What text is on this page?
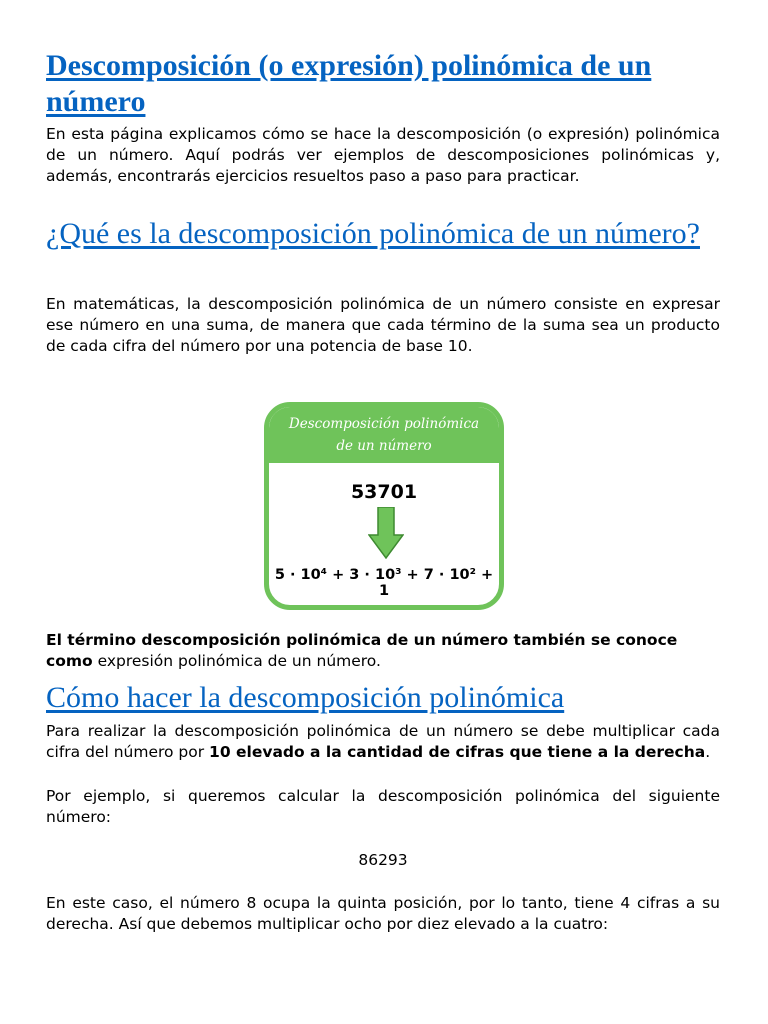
Descomposición (o expresión) polinómica de un número

En esta página explicamos cómo se hace la descomposición (o expresión) polinómica de un número. Aquí podrás ver ejemplos de descomposiciones polinómicas y, además, encontrarás ejercicios resueltos paso a paso para practicar.

¿Qué es la descomposición polinómica de un número?

En matemáticas, la descomposición polinómica de un número consiste en expresar ese número en una suma, de manera que cada término de la suma sea un producto de cada cifra del número por una potencia de base 10.

Descomposición polinómica
de un número
53701
5 · 10⁴ + 3 · 10³ + 7 · 10² + 1

El término descomposición polinómica de un número también se conoce como expresión polinómica de un número.

Cómo hacer la descomposición polinómica

Para realizar la descomposición polinómica de un número se debe multiplicar cada cifra del número por 10 elevado a la cantidad de cifras que tiene a la derecha.

Por ejemplo, si queremos calcular la descomposición polinómica del siguiente número:

86293

En este caso, el número 8 ocupa la quinta posición, por lo tanto, tiene 4 cifras a su derecha. Así que debemos multiplicar ocho por diez elevado a la cuatro:
